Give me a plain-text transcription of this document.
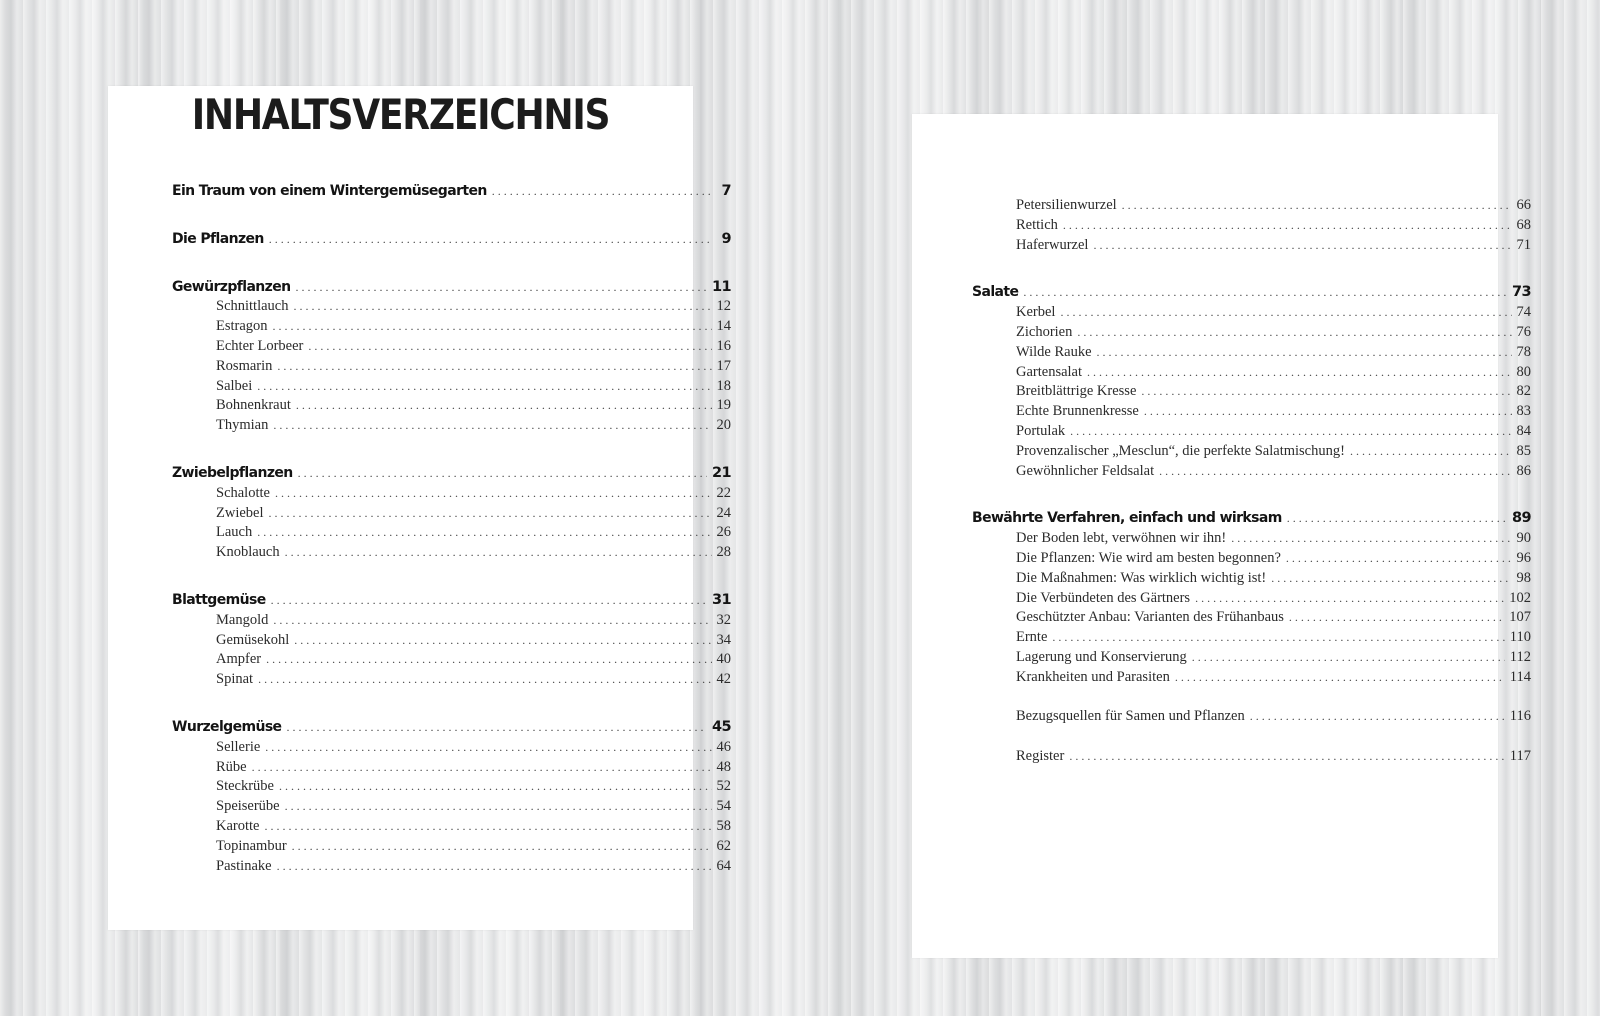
INHALTSVERZEICHNIS
Ein Traum von einem Wintergemüsegarten . . .	7
Die Pflanzen . . .	9
Gewürzpflanzen . . .	11
Schnittlauch . . .	12
Estragon . . .	14
Echter Lorbeer . . .	16
Rosmarin . . .	17
Salbei . . .	18
Bohnenkraut . . .	19
Thymian . . .	20
Zwiebelpflanzen . . .	21
Schalotte . . .	22
Zwiebel . . .	24
Lauch . . .	26
Knoblauch . . .	28
Blattgemüse . . .	31
Mangold . . .	32
Gemüsekohl . . .	34
Ampfer . . .	40
Spinat . . .	42
Wurzelgemüse . . .	45
Sellerie . . .	46
Rübe . . .	48
Steckrübe . . .	52
Speiserübe . . .	54
Karotte . . .	58
Topinambur . . .	62
Pastinake . . .	64
Petersilienwurzel . . .	66
Rettich . . .	68
Haferwurzel . . .	71
Salate . . .	73
Kerbel . . .	74
Zichorien . . .	76
Wilde Rauke . . .	78
Gartensalat . . .	80
Breitblättrige Kresse . . .	82
Echte Brunnenkresse . . .	83
Portulak . . .	84
Provenzalischer „Mesclun“, die perfekte Salatmischung! . . .	85
Gewöhnlicher Feldsalat . . .	86
Bewährte Verfahren, einfach und wirksam . . .	89
Der Boden lebt, verwöhnen wir ihn! . . .	90
Die Pflanzen: Wie wird am besten begonnen? . . .	96
Die Maßnahmen: Was wirklich wichtig ist! . . .	98
Die Verbündeten des Gärtners . . .	102
Geschützter Anbau: Varianten des Frühanbaus . . .	107
Ernte . . .	110
Lagerung und Konservierung . . .	112
Krankheiten und Parasiten . . .	114
Bezugsquellen für Samen und Pflanzen . . .	116
Register . . .	117
